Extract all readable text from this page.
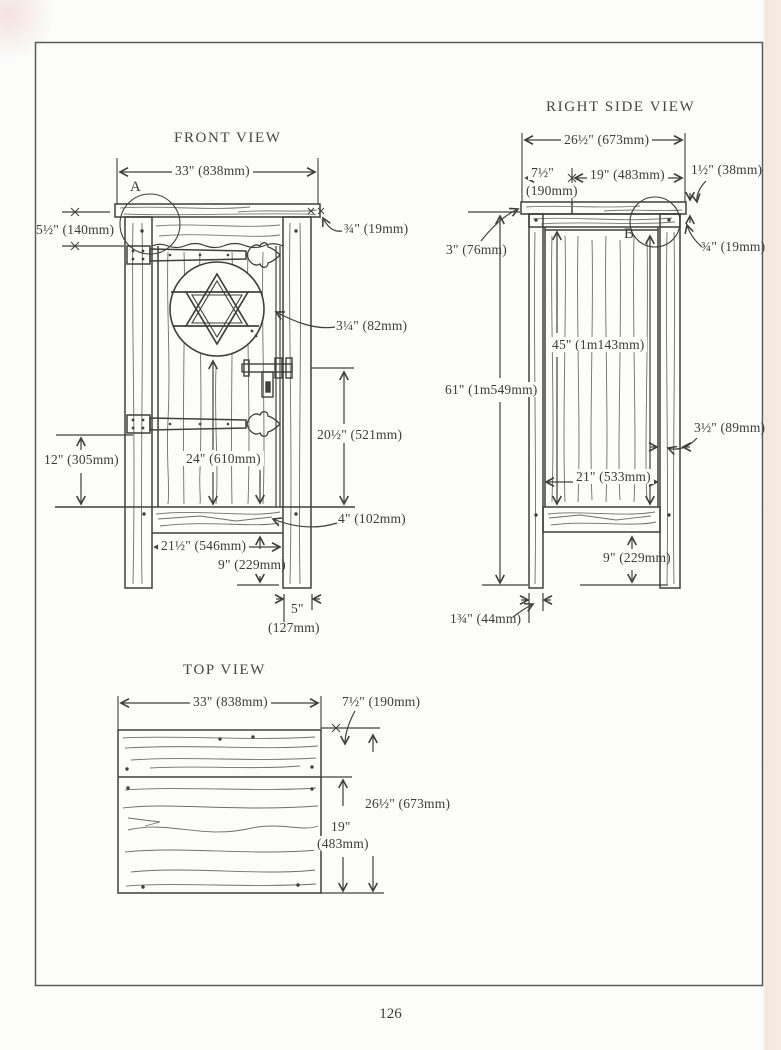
FRONT VIEW
33" (838mm)
A
5½" (140mm)	¾" (19mm)
3¼" (82mm)
20½" (521mm)
12" (305mm)	24" (610mm)
4" (102mm)
21½" (546mm)
9" (229mm)
5"
(127mm)
RIGHT SIDE VIEW
26½" (673mm)
7½"
(190mm)
19" (483mm) 1½" (38mm)
3" (76mm)	¾" (19mm)
B
45" (1m143mm)
61" (1m549mm)
3½" (89mm)
21" (533mm)
9" (229mm)
1¾" (44mm)
TOP VIEW
33" (838mm)	7½" (190mm)
26½" (673mm)
19"
(483mm)
126
